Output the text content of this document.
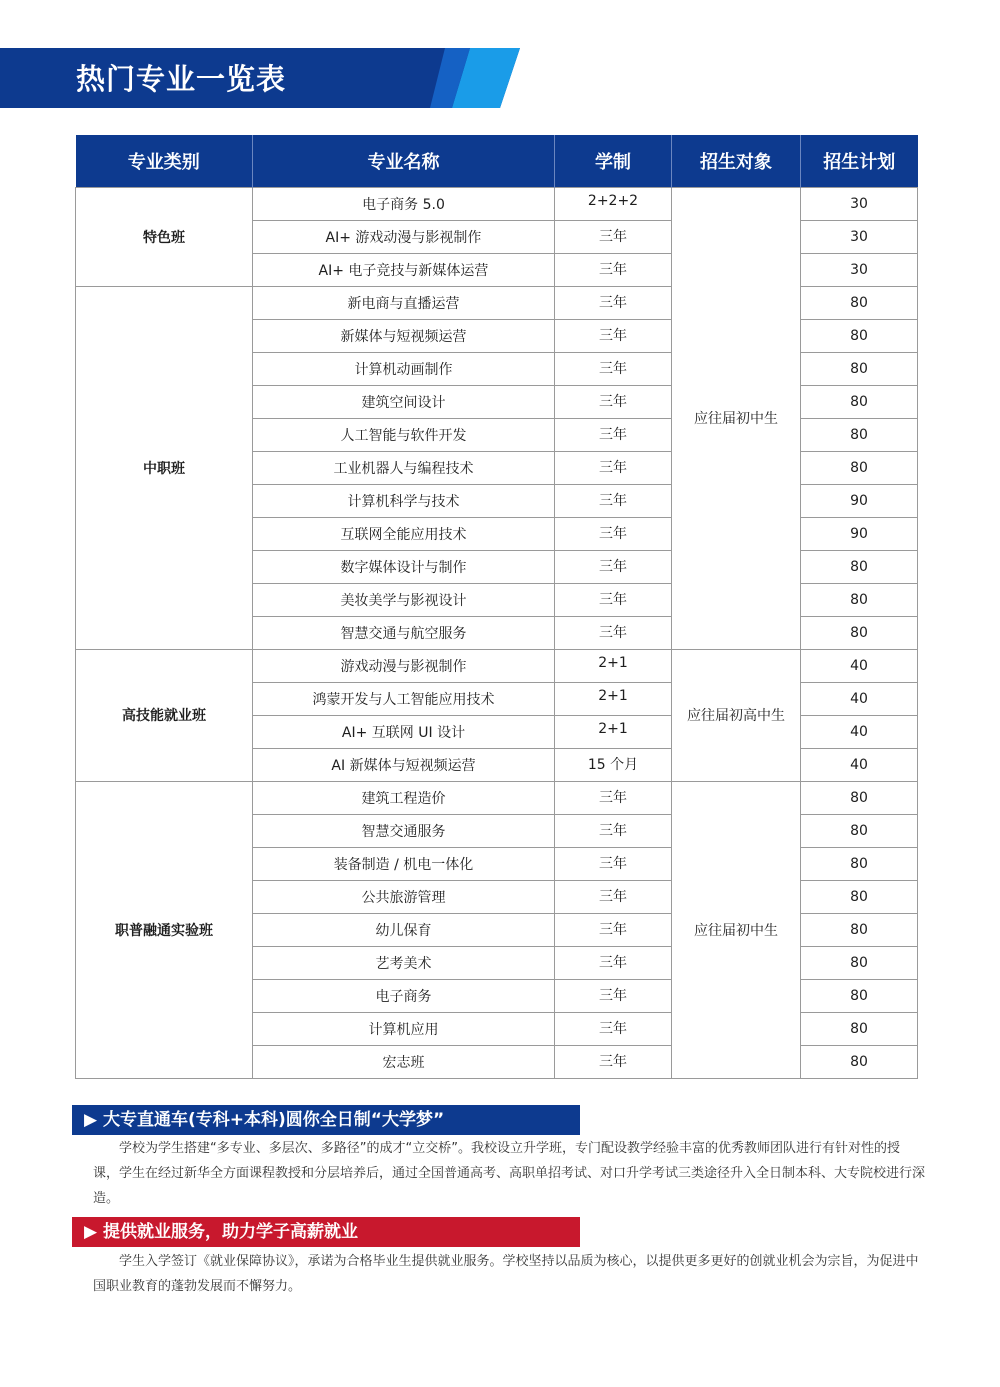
热门专业一览表
专业类别	专业名称	学制	招生对象	招生计划
特色班	电子商务 5.0	2+2+2	应往届初中生	30
	AI+ 游戏动漫与影视制作	三年		30
	AI+ 电子竞技与新媒体运营	三年		30
中职班	新电商与直播运营	三年		80
	新媒体与短视频运营	三年		80
	计算机动画制作	三年		80
	建筑空间设计	三年		80
	人工智能与软件开发	三年		80
	工业机器人与编程技术	三年		80
	计算机科学与技术	三年		90
	互联网全能应用技术	三年		90
	数字媒体设计与制作	三年		80
	美妆美学与影视设计	三年		80
	智慧交通与航空服务	三年		80
高技能就业班	游戏动漫与影视制作	2+1	应往届初高中生	40
	鸿蒙开发与人工智能应用技术	2+1		40
	AI+ 互联网 UI 设计	2+1		40
	AI 新媒体与短视频运营	15 个月		40
职普融通实验班	建筑工程造价	三年	应往届初中生	80
	智慧交通服务	三年		80
	装备制造 / 机电一体化	三年		80
	公共旅游管理	三年		80
	幼儿保育	三年		80
	艺考美术	三年		80
	电子商务	三年		80
	计算机应用	三年		80
	宏志班	三年		80
▶ 大专直通车(专科+本科)圆你全日制“大学梦”
学校为学生搭建“多专业、多层次、多路径”的成才“立交桥”。我校设立升学班，专门配设教学经验丰富的优秀教师团队进行有针对性的授课，学生在经过新华全方面课程教授和分层培养后，通过全国普通高考、高职单招考试、对口升学考试三类途径升入全日制本科、大专院校进行深造。
▶ 提供就业服务，助力学子高薪就业
学生入学签订《就业保障协议》，承诺为合格毕业生提供就业服务。学校坚持以品质为核心，以提供更多更好的创就业机会为宗旨，为促进中国职业教育的蓬勃发展而不懈努力。
